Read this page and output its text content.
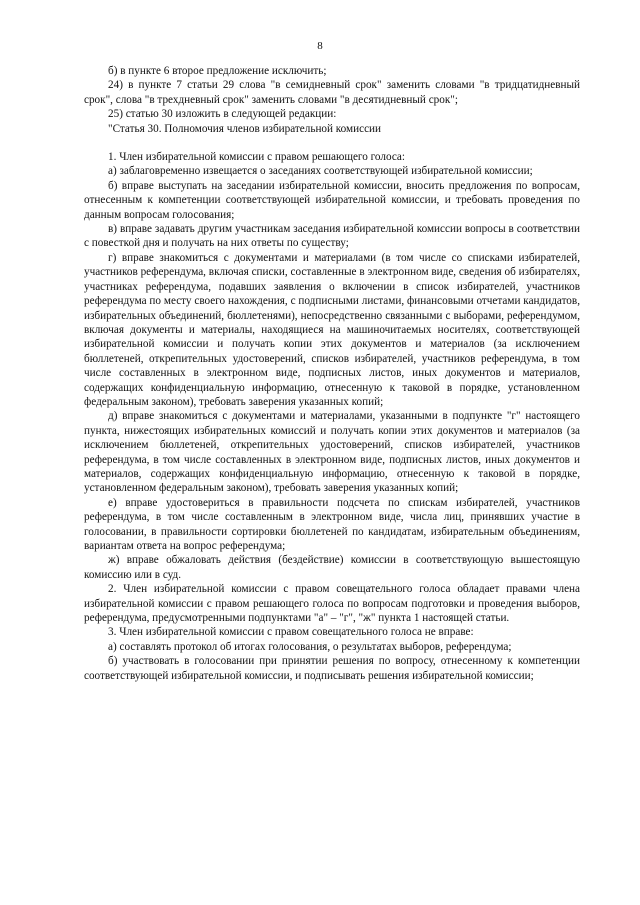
8

б) в пункте 6 второе предложение исключить;

24) в пункте 7 статьи 29 слова "в семидневный срок" заменить словами "в тридцатидневный срок", слова "в трехдневный срок" заменить словами "в десятидневный срок";

25) статью 30 изложить в следующей редакции:

"Статья 30. Полномочия членов избирательной комиссии

1. Член избирательной комиссии с правом решающего голоса:

а) заблаговременно извещается о заседаниях соответствующей избирательной комиссии;

б) вправе выступать на заседании избирательной комиссии, вносить предложения по вопросам, отнесенным к компетенции соответствующей избирательной комиссии, и требовать проведения по данным вопросам голосования;

в) вправе задавать другим участникам заседания избирательной комиссии вопросы в соответствии с повесткой дня и получать на них ответы по существу;

г) вправе знакомиться с документами и материалами (в том числе со списками избирателей, участников референдума, включая списки, составленные в электронном виде, сведения об избирателях, участниках референдума, подавших заявления о включении в список избирателей, участников референдума по месту своего нахождения, с подписными листами, финансовыми отчетами кандидатов, избирательных объединений, бюллетенями), непосредственно связанными с выборами, референдумом, включая документы и материалы, находящиеся на машиночитаемых носителях, соответствующей избирательной комиссии и получать копии этих документов и материалов (за исключением бюллетеней, открепительных удостоверений, списков избирателей, участников референдума, в том числе составленных в электронном виде, подписных листов, иных документов и материалов, содержащих конфиденциальную информацию, отнесенную к таковой в порядке, установленном федеральным законом), требовать заверения указанных копий;

д) вправе знакомиться с документами и материалами, указанными в подпункте "г" настоящего пункта, нижестоящих избирательных комиссий и получать копии этих документов и материалов (за исключением бюллетеней, открепительных удостоверений, списков избирателей, участников референдума, в том числе составленных в электронном виде, подписных листов, иных документов и материалов, содержащих конфиденциальную информацию, отнесенную к таковой в порядке, установленном федеральным законом), требовать заверения указанных копий;

е) вправе удостовериться в правильности подсчета по спискам избирателей, участников референдума, в том числе составленным в электронном виде, числа лиц, принявших участие в голосовании, в правильности сортировки бюллетеней по кандидатам, избирательным объединениям, вариантам ответа на вопрос референдума;

ж) вправе обжаловать действия (бездействие) комиссии в соответствующую вышестоящую комиссию или в суд.

2. Член избирательной комиссии с правом совещательного голоса обладает правами члена избирательной комиссии с правом решающего голоса по вопросам подготовки и проведения выборов, референдума, предусмотренными подпунктами "а" – "г", "ж" пункта 1 настоящей статьи.

3. Член избирательной комиссии с правом совещательного голоса не вправе:

а) составлять протокол об итогах голосования, о результатах выборов, референдума;

б) участвовать в голосовании при принятии решения по вопросу, отнесенному к компетенции соответствующей избирательной комиссии, и подписывать решения избирательной комиссии;
